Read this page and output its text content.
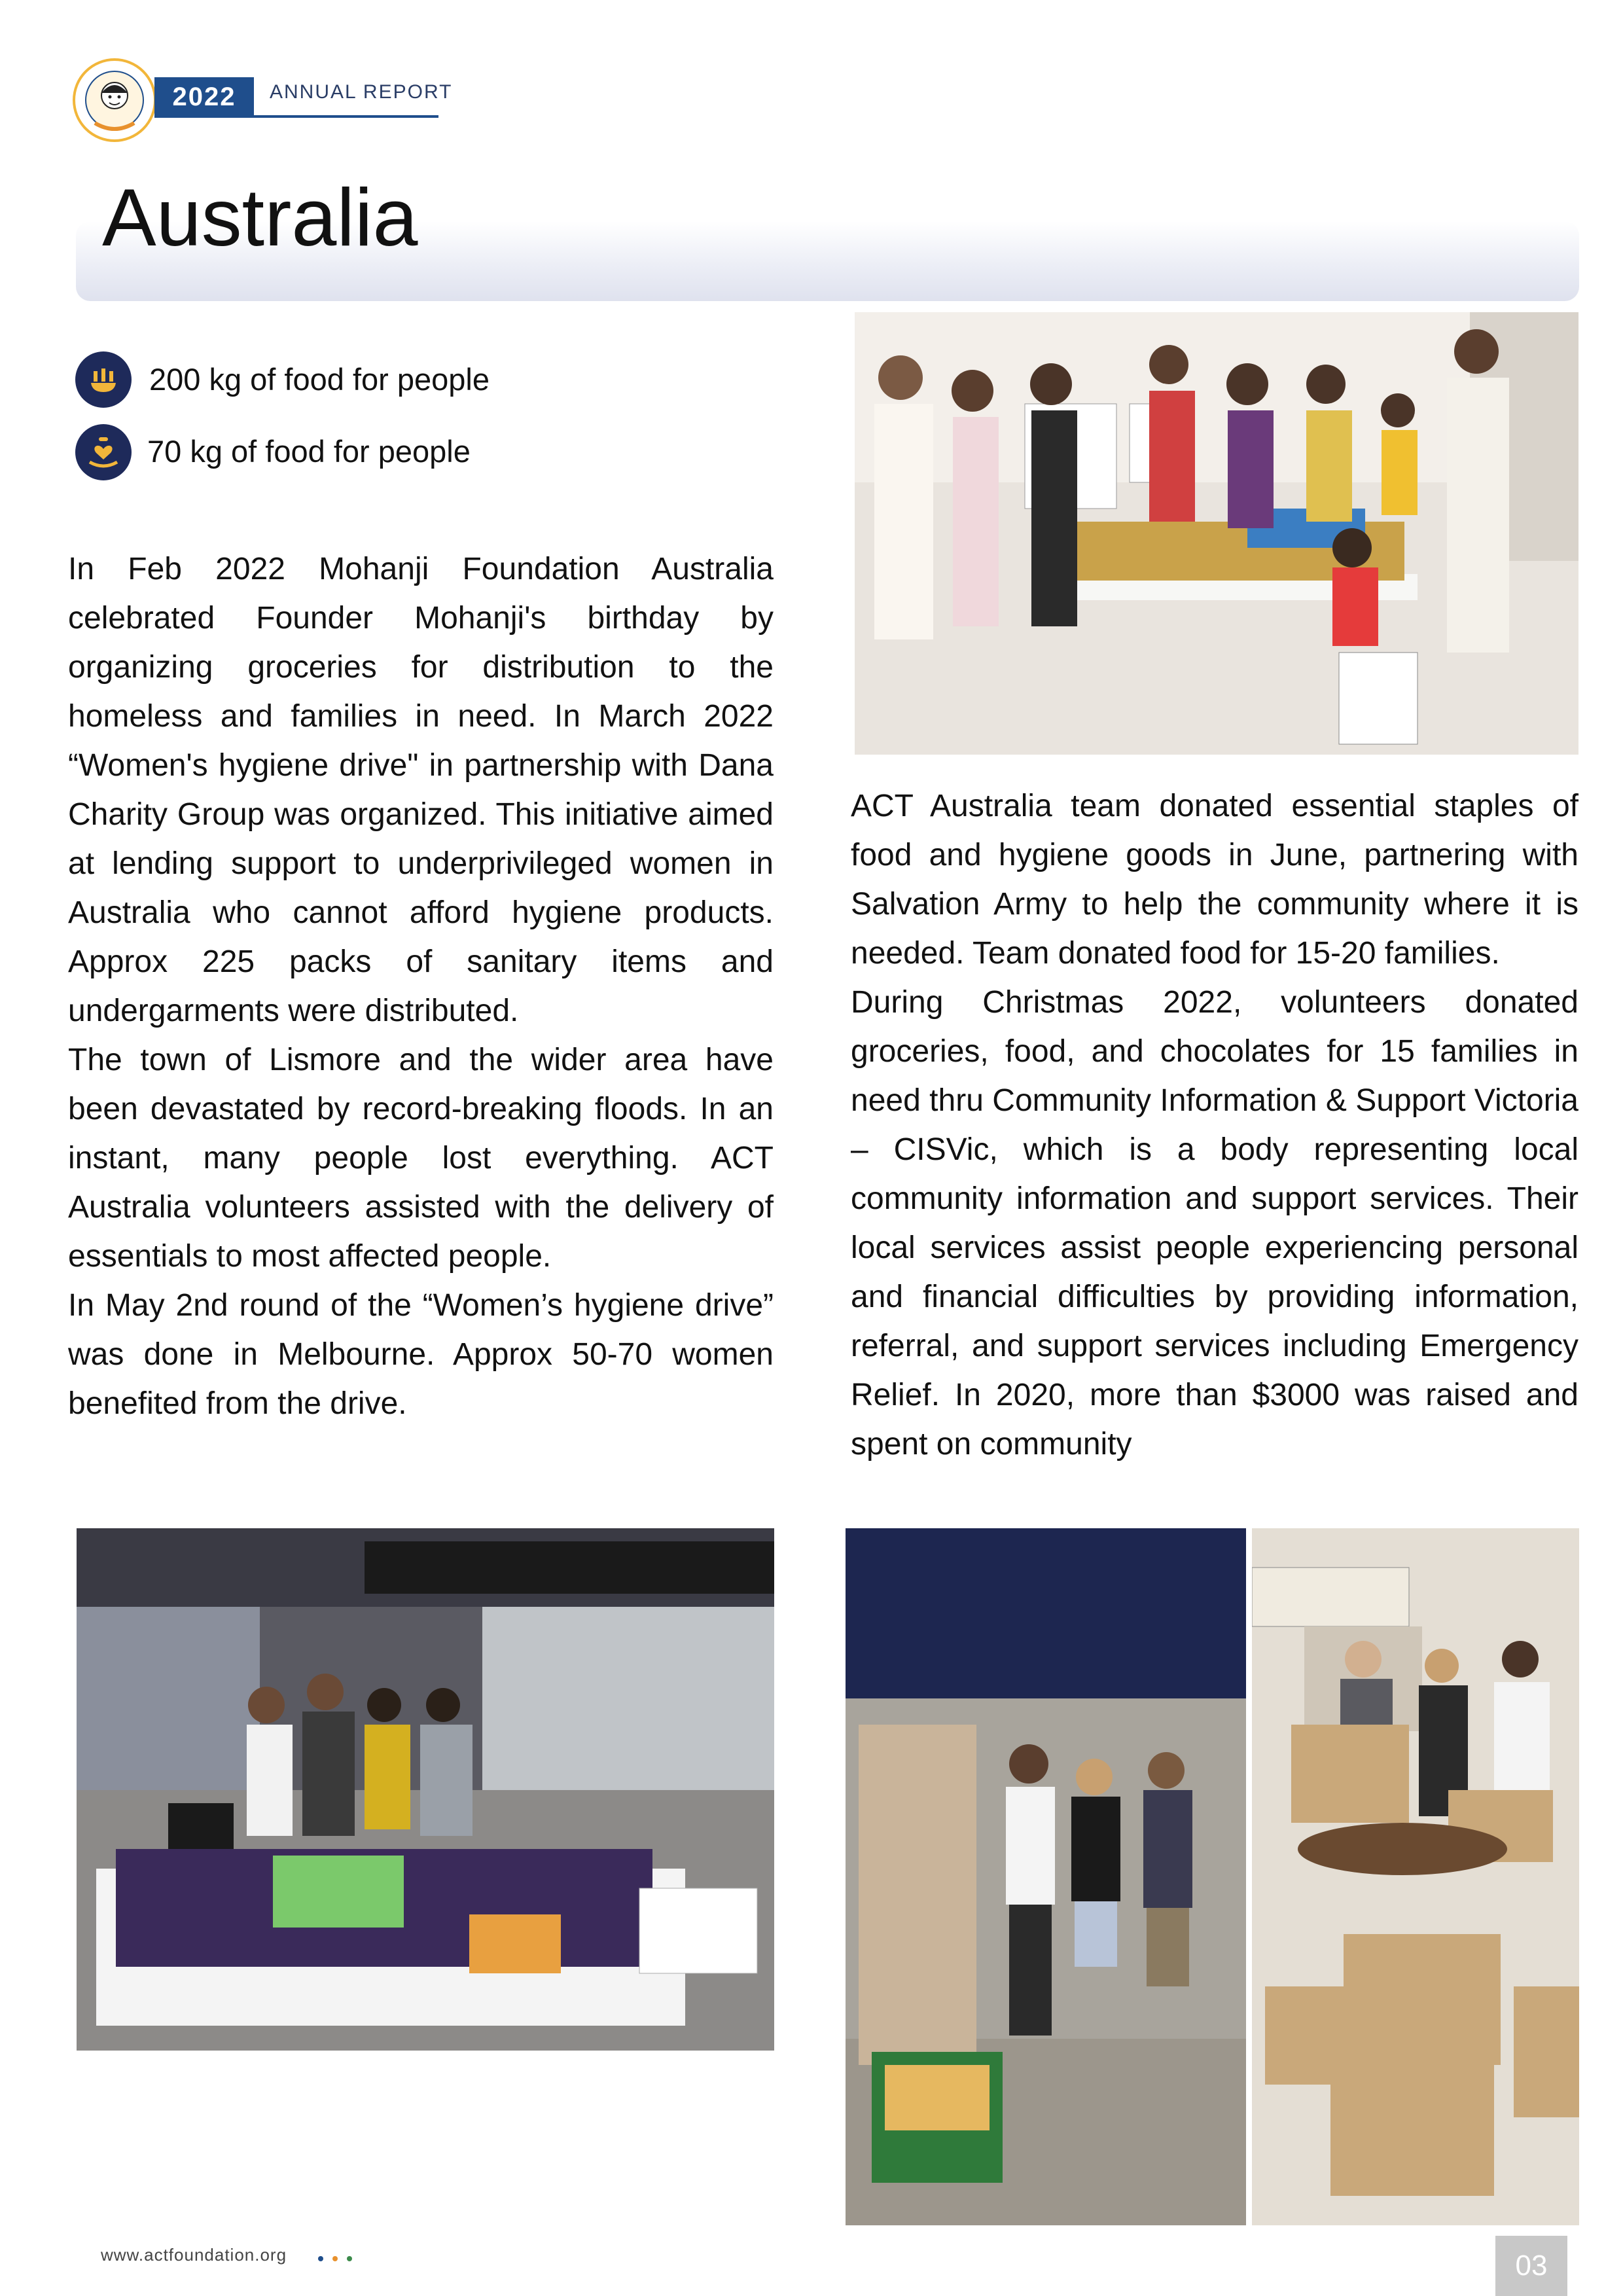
2022	ANNUAL REPORT
Australia
200 kg of food for people
70 kg of food for people

In Feb 2022 Mohanji Foundation Australia celebrated Founder Mohanji's birthday by organizing groceries for distribution to the homeless and families in need. In March 2022 “Women's hygiene drive" in partnership with Dana Charity Group was organized. This initiative aimed at lending support to underprivileged women in Australia who cannot afford hygiene products. Approx 225 packs of sanitary items and undergarments were distributed.

The town of Lismore and the wider area have been devastated by record-breaking floods. In an instant, many people lost everything. ACT Australia volunteers assisted with the delivery of essentials to most affected people.

In May 2nd round of the “Women’s hygiene drive” was done in Melbourne. Approx 50-70 women benefited from the drive.

ACT Australia team donated essential staples of food and hygiene goods in June, partnering with Salvation Army to help the community where it is needed. Team donated food for 15-20 families.

During Christmas 2022, volunteers donated groceries, food, and chocolates for 15 families in need thru Community Information & Support Victoria – CISVic, which is a body representing local community information and support services. Their local services assist people experiencing personal and financial difficulties by providing information, referral, and support services including Emergency Relief. In 2020, more than $3000 was raised and spent on community

www.actfoundation.org
	03
